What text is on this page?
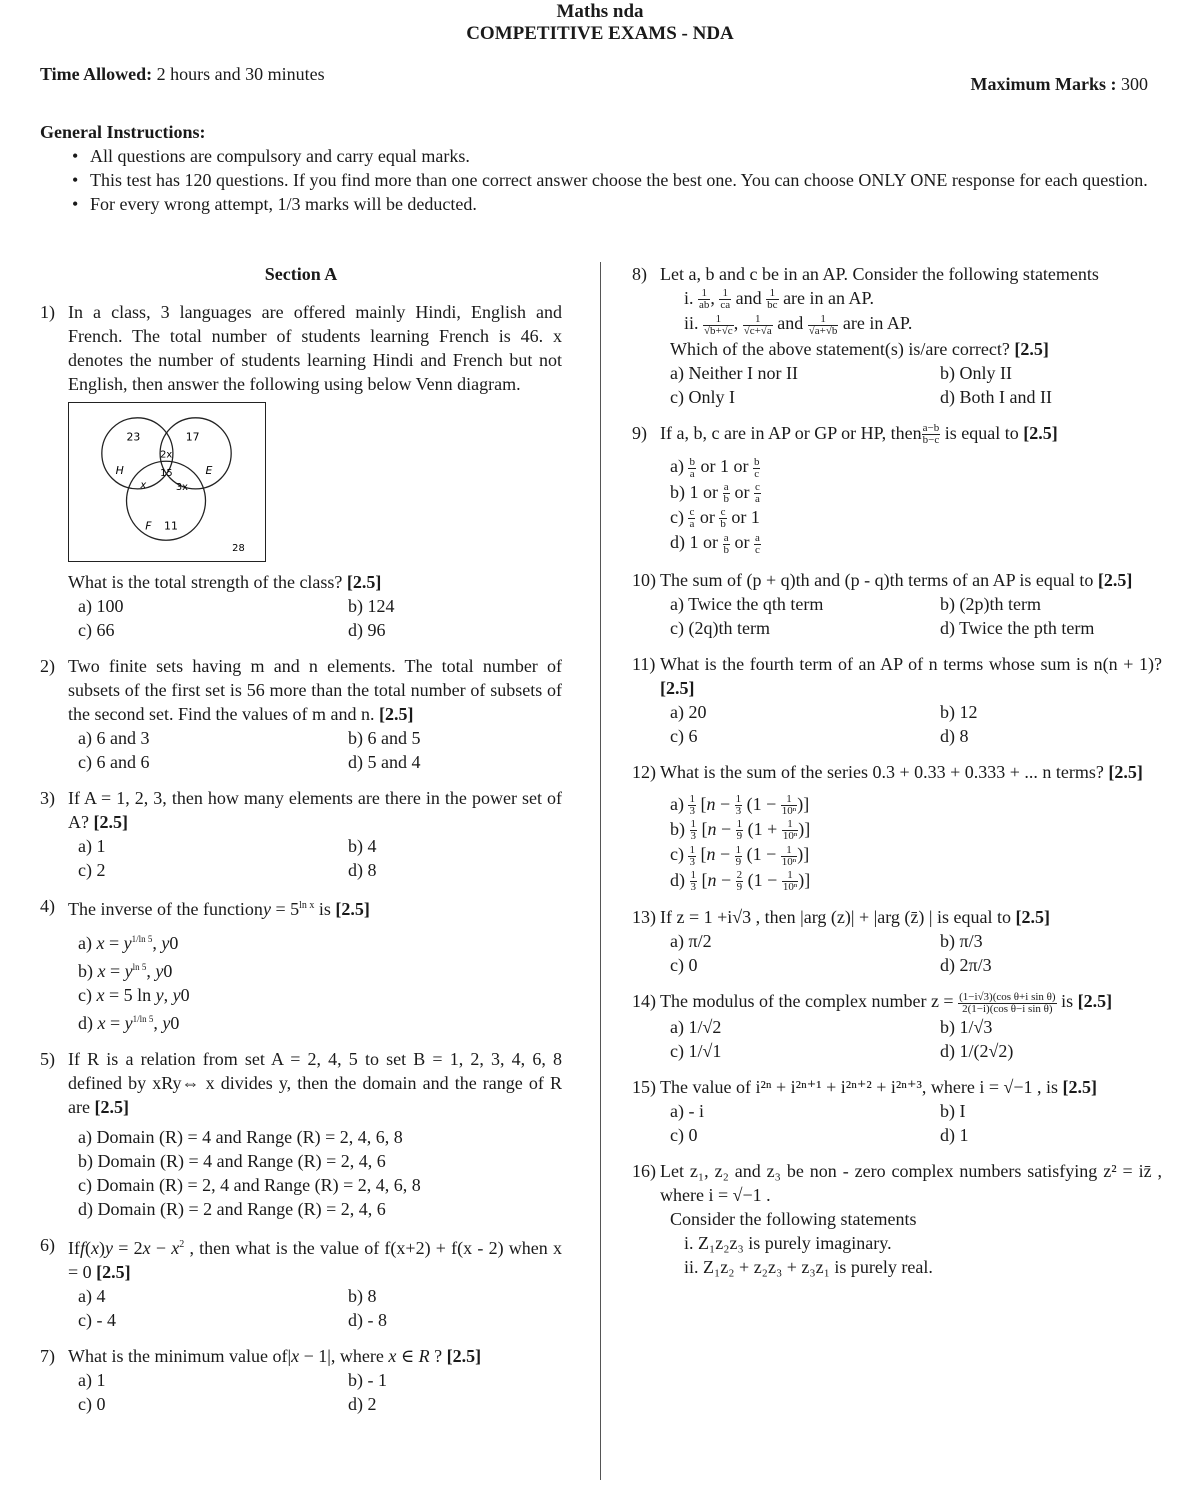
Maths nda
COMPETITIVE EXAMS - NDA
Time Allowed: 2 hours and 30 minutes	Maximum Marks : 300
General Instructions:
• All questions are compulsory and carry equal marks.
• This test has 120 questions. If you find more than one correct answer choose the best one. You can choose ONLY ONE response for each question.
• For every wrong attempt, 1/3 marks will be deducted.
Section A
1) In a class, 3 languages are offered mainly Hindi, English and French. The total number of students learning French is 46. x denotes the number of students learning Hindi and French but not English, then answer the following using below Venn diagram.
23	17
2x
15
x	3x
11
28
H	E
F
What is the total strength of the class? [2.5]
a) 100	b) 124
c) 66	d) 96
2) Two finite sets having m and n elements. The total number of subsets of the first set is 56 more than the total number of subsets of the second set. Find the values of m and n. [2.5]
a) 6 and 3	b) 6 and 5
c) 6 and 6	d) 5 and 4
3) If A = 1, 2, 3, then how many elements are there in the power set of A? [2.5]
a) 1	b) 4
c) 2	d) 8
4) The inverse of the functiony = $5^{ln x}$ is [2.5]
a) $x = y^{1/ln 5}$, y0
b) $x = y^{ln 5}$, y0
c) x = 5 ln y, y0
d) $x = y^{1/ln 5}$, y0
5) If R is a relation from set A = 2, 4, 5 to set B = 1, 2, 3, 4, 6, 8 defined by xRy⇔ x divides y, then the domain and the range of R are [2.5]
a) Domain (R) = 4 and Range (R) = 2, 4, 6, 8
b) Domain (R) = 4 and Range (R) = 2, 4, 6
c) Domain (R) = 2, 4 and Range (R) = 2, 4, 6, 8
d) Domain (R) = 2 and Range (R) = 2, 4, 6
6) $Iff(x)y = 2x - x^2$ , then what is the value of f(x+2) + f(x - 2) when x = 0 [2.5]
a) 4	b) 8
c) - 4	d) - 8
7) What is the minimum value of|x − 1|, where x ∈ R ? [2.5]
a) 1	b) - 1
c) 0	d) 2
8) Let a, b and c be in an AP. Consider the following statements
i. $\frac{1}{ab}$ , $\frac{1}{ca}$ and $\frac{1}{bc}$ are in an AP.
ii. $\frac{1}{√b+√c}$ , $\frac{1}{√c+√a}$ and $\frac{1}{√a+√b}$ are in AP.
Which of the above statement(s) is/are correct? [2.5]
a) Neither I nor II	b) Only II
c) Only I	d) Both I and II
9) If a, b, c are in AP or GP or HP, then $\frac{a-b}{b-c}$ is equal to [2.5]
$a) \frac{b}{a}$ or 1 or $\frac{b}{c}$
b) 1 or $\frac{a}{b}$ or $\frac{c}{a}$
$c) \frac{c}{a}$ or $\frac{c}{b}$ or 1
d) 1 or $\frac{a}{b}$ or $\frac{a}{c}$
10) The sum of (p + q)th and (p - q)th terms of an AP is equal to [2.5]
a) Twice the qth term	b) (2p)th term
c) (2q)th term	d) Twice the pth term
11) What is the fourth term of an AP of n terms whose sum is n(n + 1)? [2.5]
a) 20	b) 12
c) 6	d) 8
12) What is the sum of the series 0.3 + 0.33 + 0.333 + ... n terms? [2.5]
$a) \frac{1}{3} [n - \frac{1}{3} (1 - \frac{1}{\text{10ⁿ}}$ )]
$b) \frac{1}{3} [n - \frac{1}{9} (1 + \frac{1}{\text{10ⁿ}}$ )]
$c) \frac{1}{3} [n - \frac{1}{9} (1 - \frac{1}{\text{10ⁿ}}$ )]
$d) \frac{1}{3} [n - \frac{2}{9} (1 - \frac{1}{\text{10ⁿ}}$ )]
13) If z = 1 +i√3 , then |arg (z)| + |arg (z̄) | is equal to [2.5]
a) π/2	b) π/3
c) 0	d) 2π/3
14) The modulus of the complex number $z = \frac{\text{(1−i√3)(cos θ+i sin θ)}}{\text{2(1−i)(cos θ−i sin θ)}}$ is [2.5]
a) 1/√2	b) 1/√3
c) 1/√1	d) 1/(2√2)
15) The value of i²ⁿ + i²ⁿ⁺¹ + i²ⁿ⁺² + i²ⁿ⁺³, where i = √−1 , is [2.5]
a) - i	b) I
c) 0	d) 1
16) Let z₁, z₂ and z₃ be non - zero complex numbers satisfying z² = iz̄ , where i = √−1 .
Consider the following statements
i. Z₁z₂z₃ is purely imaginary.
ii. Z₁z₂ + z₂z₃ + z₃z₁ is purely real.
